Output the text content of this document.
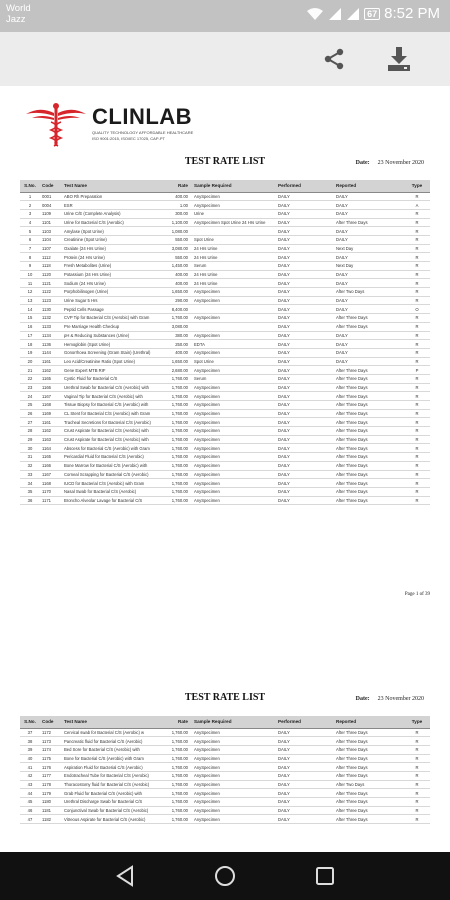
World
Jazz
67 8:52 PM
CLINLAB
QUALITY TECHNOLOGY AFFORDABLE HEALTHCARE
ISO 9001:2015, ISO/IEC 17025, CAP-PT
TEST RATE LIST	Date: 23 November 2020
S.No.	Code	Test Name	Rate	Sample Required	Performed	Reported	Type
1	0001	ABO Rh Preparation	400.00	AnySpecimen	DAILY	DAILY	R
2	0004	ESR	1.00	AnySpecimen	DAILY	DAILY	A
3	1109	Urine C/E (Complete Analysis)	300.00	Urine	DAILY	DAILY	R
4	1101	Urine for Bacterial C/S (Aerobic)	1,100.00	AnySpecimen Spot Urine 24 Hrs Urine	DAILY	After Three Days	R
5	1103	Amylase (Spot Urine)	1,080.00		DAILY	DAILY	R
6	1104	Creatinine (Spot Urine)	550.00	Spot Urine	DAILY	DAILY	R
7	1107	Oxalate (24 Hrs Urine)	3,080.00	24 Hrs Urine	DAILY	Next Day	R
8	1112	Protein (24 Hrs Urine)	550.00	24 Hrs Urine	DAILY	DAILY	R
9	1118	Fresh Metabolites (Urine)	1,450.00	Serum	DAILY	Next Day	R
10	1120	Potassium (24 Hrs Urine)	400.00	24 Hrs Urine	DAILY	DAILY	R
11	1121	Sodium (24 Hrs Urine)	400.00	24 Hrs Urine	DAILY	DAILY	R
12	1122	Porphobilinogen (Urine)	1,650.00	AnySpecimen	DAILY	After Two Days	R
13	1123	Urine Sugar 5 Hrs	290.00	AnySpecimen	DAILY	DAILY	R
14	1130	Peptid Cells Passage	8,400.00		DAILY	DAILY	O
15	1132	CVP Tip for Bacterial C/S (Aerobic) with Gram	1,760.00	AnySpecimen	DAILY	After Three Days	R
16	1133	Pre Marriage Health Checkup	3,080.00		DAILY	After Three Days	R
17	1134	pH & Reducing Substances (Urine)	380.00	AnySpecimen	DAILY	DAILY	R
18	1136	Hemoglobin (Spot Urine)	250.00	EDTA	DAILY	DAILY	R
19	1144	Gonorrhoea Screening (Gram Stain) (Urethral)	400.00	AnySpecimen	DAILY	DAILY	R
20	1161	Leo Acid/Creatinine Ratio (Spot Urine)	1,650.00	Spot Urine	DAILY	DAILY	R
21	1162	Gene Expert MTB RIF	2,680.00	AnySpecimen	DAILY	After Three Days	P
22	1165	Cystic Fluid for Bacterial C/S	1,760.00	Serum	DAILY	After Three Days	R
23	1166	Urethral Swab for Bacterial C/S (Aerobic) with	1,760.00	AnySpecimen	DAILY	After Three Days	R
24	1167	Vaginal Tip for Bacterial C/S (Aerobic) with	1,760.00	AnySpecimen	DAILY	After Three Days	R
25	1168	Tissue Biopsy for Bacterial C/S (Aerobic) with	1,760.00	AnySpecimen	DAILY	After Three Days	R
26	1169	CL Stent for Bacterial C/S (Aerobic) with Gram	1,760.00	AnySpecimen	DAILY	After Three Days	R
27	1161	Tracheal Secretions for Bacterial C/S (Aerobic)	1,760.00	AnySpecimen	DAILY	After Three Days	R
28	1162	Crust Aspirate for Bacterial C/S (Aerobic) with	1,760.00	AnySpecimen	DAILY	After Three Days	R
29	1163	Crust Aspirate for Bacterial C/S (Aerobic) with	1,760.00	AnySpecimen	DAILY	After Three Days	R
30	1164	Abscess for Bacterial C/S (Aerobic) with Gram	1,760.00	AnySpecimen	DAILY	After Three Days	R
31	1165	Pericardial Fluid for Bacterial C/S (Aerobic)	1,760.00	AnySpecimen	DAILY	After Three Days	R
32	1166	Bone Marrow for Bacterial C/S (Aerobic) with	1,760.00	AnySpecimen	DAILY	After Three Days	R
33	1167	Corneal Scrapping for Bacterial C/S (Aerobic)	1,760.00	AnySpecimen	DAILY	After Three Days	R
34	1168	IUCD for Bacterial C/S (Aerobic) with Gram	1,760.00	AnySpecimen	DAILY	After Three Days	R
35	1170	Nasal Swab for Bacterial C/S (Aerobic)	1,760.00	AnySpecimen	DAILY	After Three Days	R
36	1171	Broncho Alveolar Lavage for Bacterial C/S	1,760.00	AnySpecimen	DAILY	After Three Days	R
Page 1 of 39
TEST RATE LIST	Date: 23 November 2020
S.No.	Code	Test Name	Rate	Sample Required	Performed	Reported	Type
37	1172	Cervical swab for Bacterial C/S (Aerobic) w	1,760.00	AnySpecimen	DAILY	After Three Days	R
38	1173	Pancreatic fluid for Bacterial C/S (Aerobic)	1,760.00	AnySpecimen	DAILY	After Three Days	R
39	1174	Bed Sore for Bacterial C/S (Aerobic) with	1,760.00	AnySpecimen	DAILY	After Three Days	R
40	1175	Bone for Bacterial C/S (Aerobic) with Gram	1,760.00	AnySpecimen	DAILY	After Three Days	R
41	1176	Aspiration Fluid for Bacterial C/S (Aerobic)	1,760.00	AnySpecimen	DAILY	After Three Days	R
42	1177	Endotracheal Tube for Bacterial C/S (Aerobic)	1,760.00	AnySpecimen	DAILY	After Three Days	R
43	1178	Thoracostomy fluid for Bacterial C/S (Aerobic)	1,760.00	AnySpecimen	DAILY	After Two Days	R
44	1179	Grab Fluid for Bacterial C/S (Aerobic) with	1,760.00	AnySpecimen	DAILY	After Three Days	R
45	1180	Urethral Discharge Swab for Bacterial C/S	1,760.00	AnySpecimen	DAILY	After Three Days	R
46	1181	Conjunctival Swab for Bacterial C/S (Aerobic)	1,760.00	AnySpecimen	DAILY	After Three Days	R
47	1182	Vitreous Aspirate for Bacterial C/S (Aerobic)	1,760.00	AnySpecimen	DAILY	After Three Days	R
